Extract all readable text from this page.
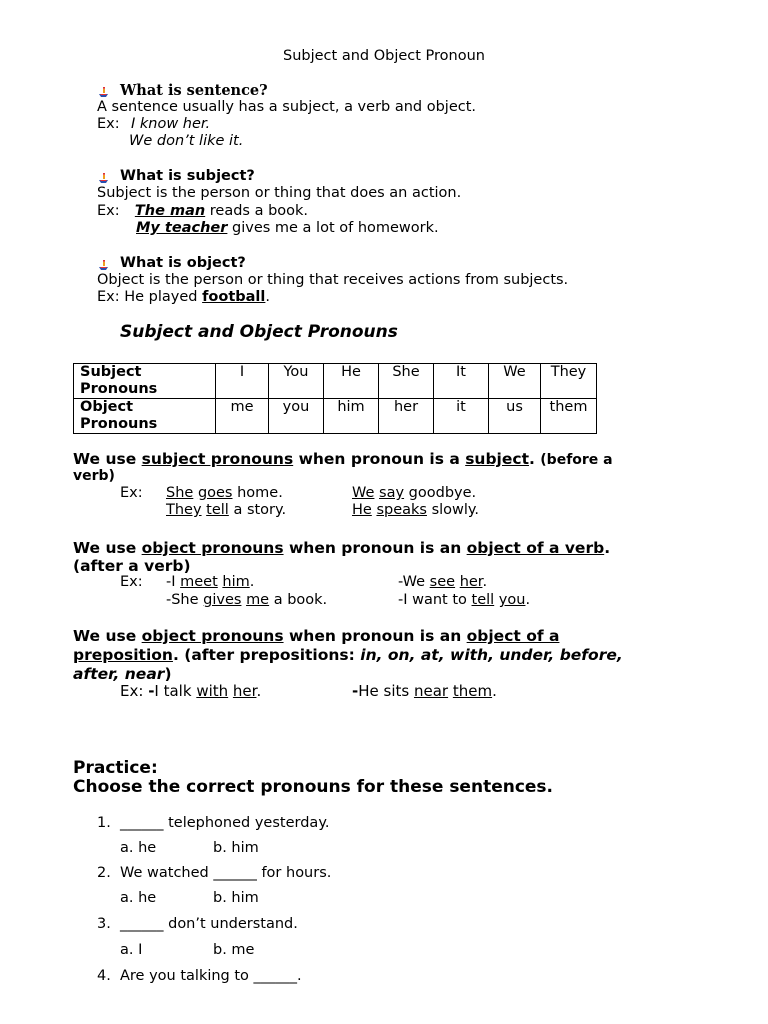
Subject and Object Pronoun
What is sentence?
A sentence usually has a subject, a verb and object.
Ex: I know her.
We don’t like it.
What is subject?
Subject is the person or thing that does an action.
Ex: The man reads a book.
My teacher gives me a lot of homework.
What is object?
Object is the person or thing that receives actions from subjects.
Ex: He played football.
Subject and Object Pronouns
Subject
Pronouns	I	You	He	She	It	We	They
Object
Pronouns	me	you	him	her	it	us	them
We use subject pronouns when pronoun is a subject. (before a
verb)
Ex: She goes home.
They tell a story.
We say goodbye.
He speaks slowly.
We use object pronouns when pronoun is an object of a verb.
(after a verb)
Ex: -I meet him.
-She gives me a book.
-We see her.
-I want to tell you.
We use object pronouns when pronoun is an object of a
preposition. (after prepositions: in, on, at, with, under, before,
after, near)
Ex: -I talk with her.	-He sits near them.
Practice:
Choose the correct pronouns for these sentences.
1. ______ telephoned yesterday.
a. he	b. him
2. We watched ______ for hours.
a. he	b. him
3. ______ don’t understand.
a. I	b. me
4. Are you talking to ______.
